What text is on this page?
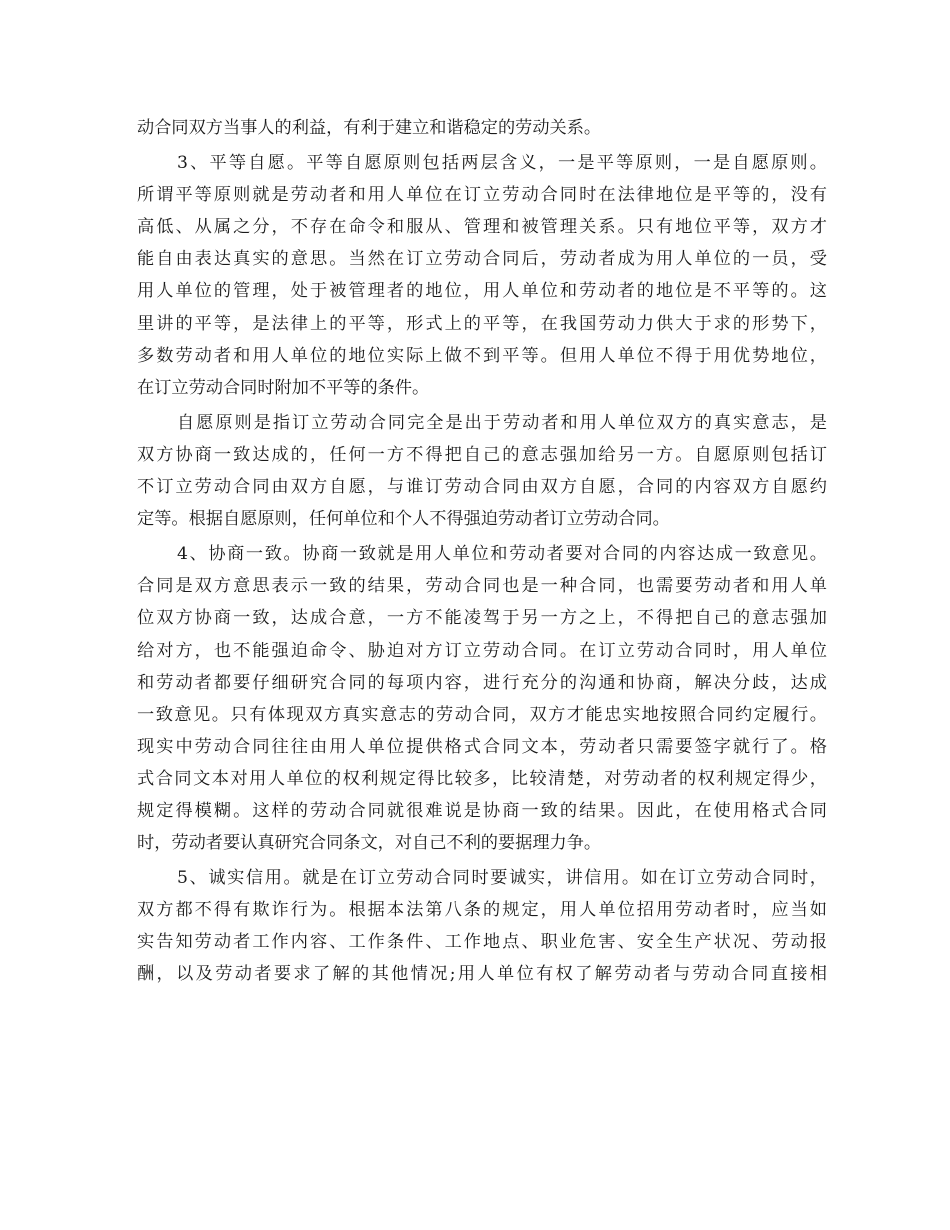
动合同双方当事人的利益，有利于建立和谐稳定的劳动关系。
3、平等自愿。平等自愿原则包括两层含义，一是平等原则，一是自愿原则。
所谓平等原则就是劳动者和用人单位在订立劳动合同时在法律地位是平等的，没有
高低、从属之分，不存在命令和服从、管理和被管理关系。只有地位平等，双方才
能自由表达真实的意思。当然在订立劳动合同后，劳动者成为用人单位的一员，受
用人单位的管理，处于被管理者的地位，用人单位和劳动者的地位是不平等的。这
里讲的平等，是法律上的平等，形式上的平等，在我国劳动力供大于求的形势下，
多数劳动者和用人单位的地位实际上做不到平等。但用人单位不得于用优势地位，
在订立劳动合同时附加不平等的条件。
自愿原则是指订立劳动合同完全是出于劳动者和用人单位双方的真实意志，是
双方协商一致达成的，任何一方不得把自己的意志强加给另一方。自愿原则包括订
不订立劳动合同由双方自愿，与谁订劳动合同由双方自愿，合同的内容双方自愿约
定等。根据自愿原则，任何单位和个人不得强迫劳动者订立劳动合同。
4、协商一致。协商一致就是用人单位和劳动者要对合同的内容达成一致意见。
合同是双方意思表示一致的结果，劳动合同也是一种合同，也需要劳动者和用人单
位双方协商一致，达成合意，一方不能凌驾于另一方之上，不得把自己的意志强加
给对方，也不能强迫命令、胁迫对方订立劳动合同。在订立劳动合同时，用人单位
和劳动者都要仔细研究合同的每项内容，进行充分的沟通和协商，解决分歧，达成
一致意见。只有体现双方真实意志的劳动合同，双方才能忠实地按照合同约定履行。
现实中劳动合同往往由用人单位提供格式合同文本，劳动者只需要签字就行了。格
式合同文本对用人单位的权利规定得比较多，比较清楚，对劳动者的权利规定得少，
规定得模糊。这样的劳动合同就很难说是协商一致的结果。因此，在使用格式合同
时，劳动者要认真研究合同条文，对自己不利的要据理力争。
5、诚实信用。就是在订立劳动合同时要诚实，讲信用。如在订立劳动合同时，
双方都不得有欺诈行为。根据本法第八条的规定，用人单位招用劳动者时，应当如
实告知劳动者工作内容、工作条件、工作地点、职业危害、安全生产状况、劳动报
酬，以及劳动者要求了解的其他情况;用人单位有权了解劳动者与劳动合同直接相
